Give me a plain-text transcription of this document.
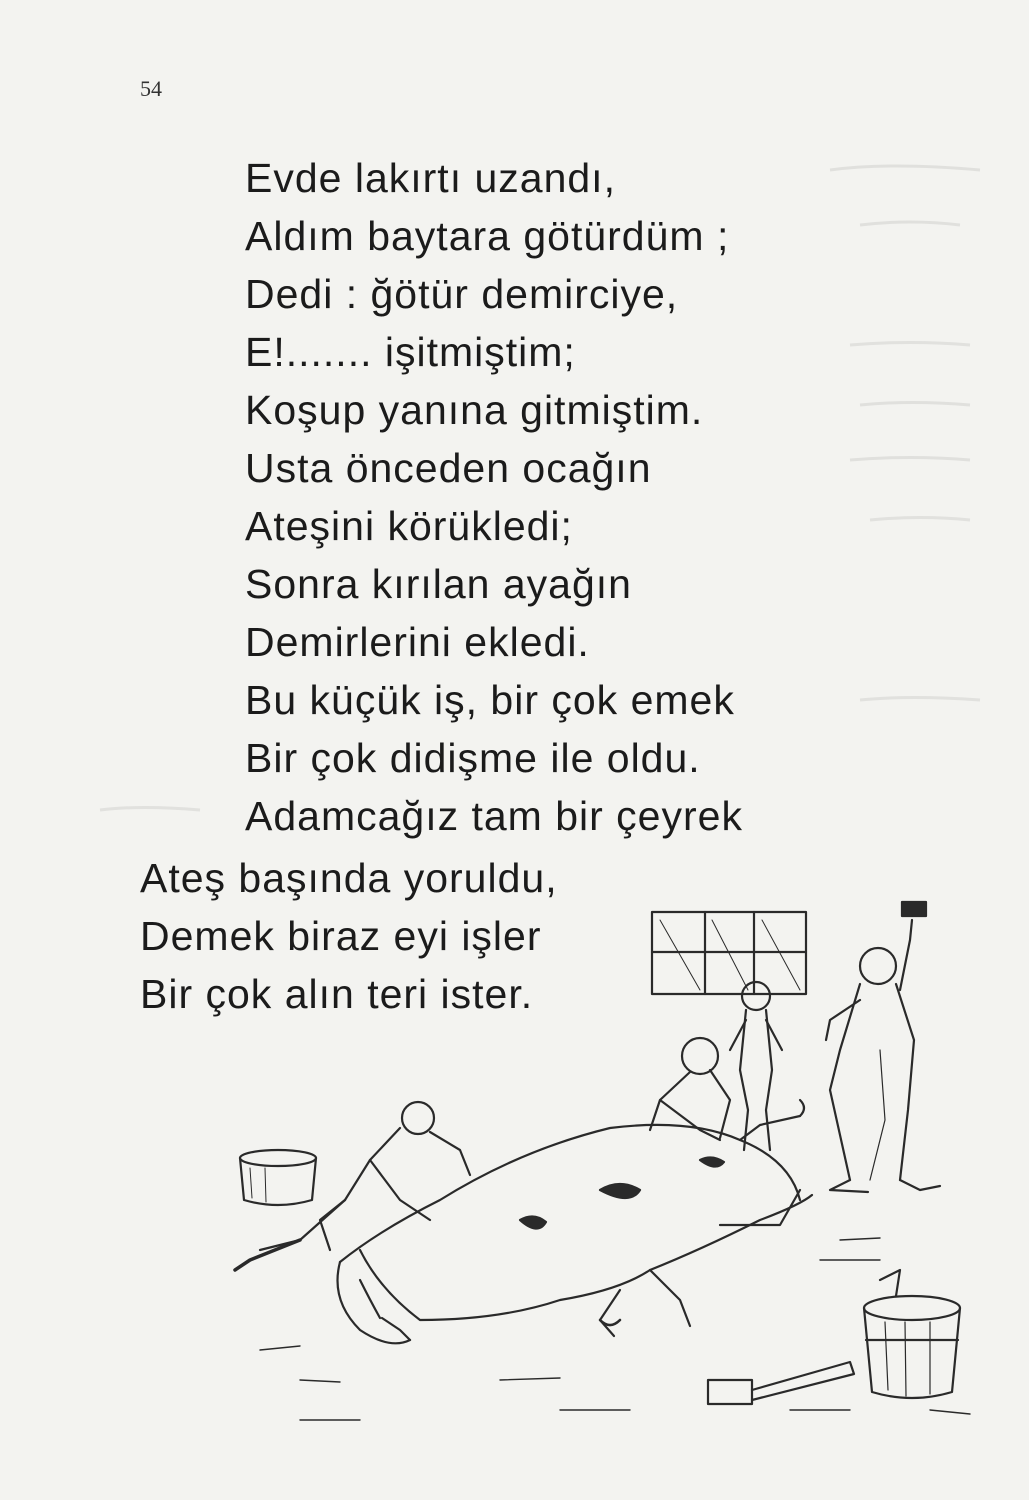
54
Evde lakırtı uzandı,
Aldım baytara götürdüm ;
Dedi : ğötür demirciye,
E!....... işitmiştim;
Koşup yanına gitmiştim.
Usta önceden ocağın
Ateşini körükledi;
Sonra kırılan ayağın
Demirlerini ekledi.
Bu küçük iş, bir çok emek
Bir çok didişme ile oldu.
Adamcağız tam bir çeyrek
Ateş başında yoruldu,
Demek biraz eyi işler
Bir çok alın teri ister.
